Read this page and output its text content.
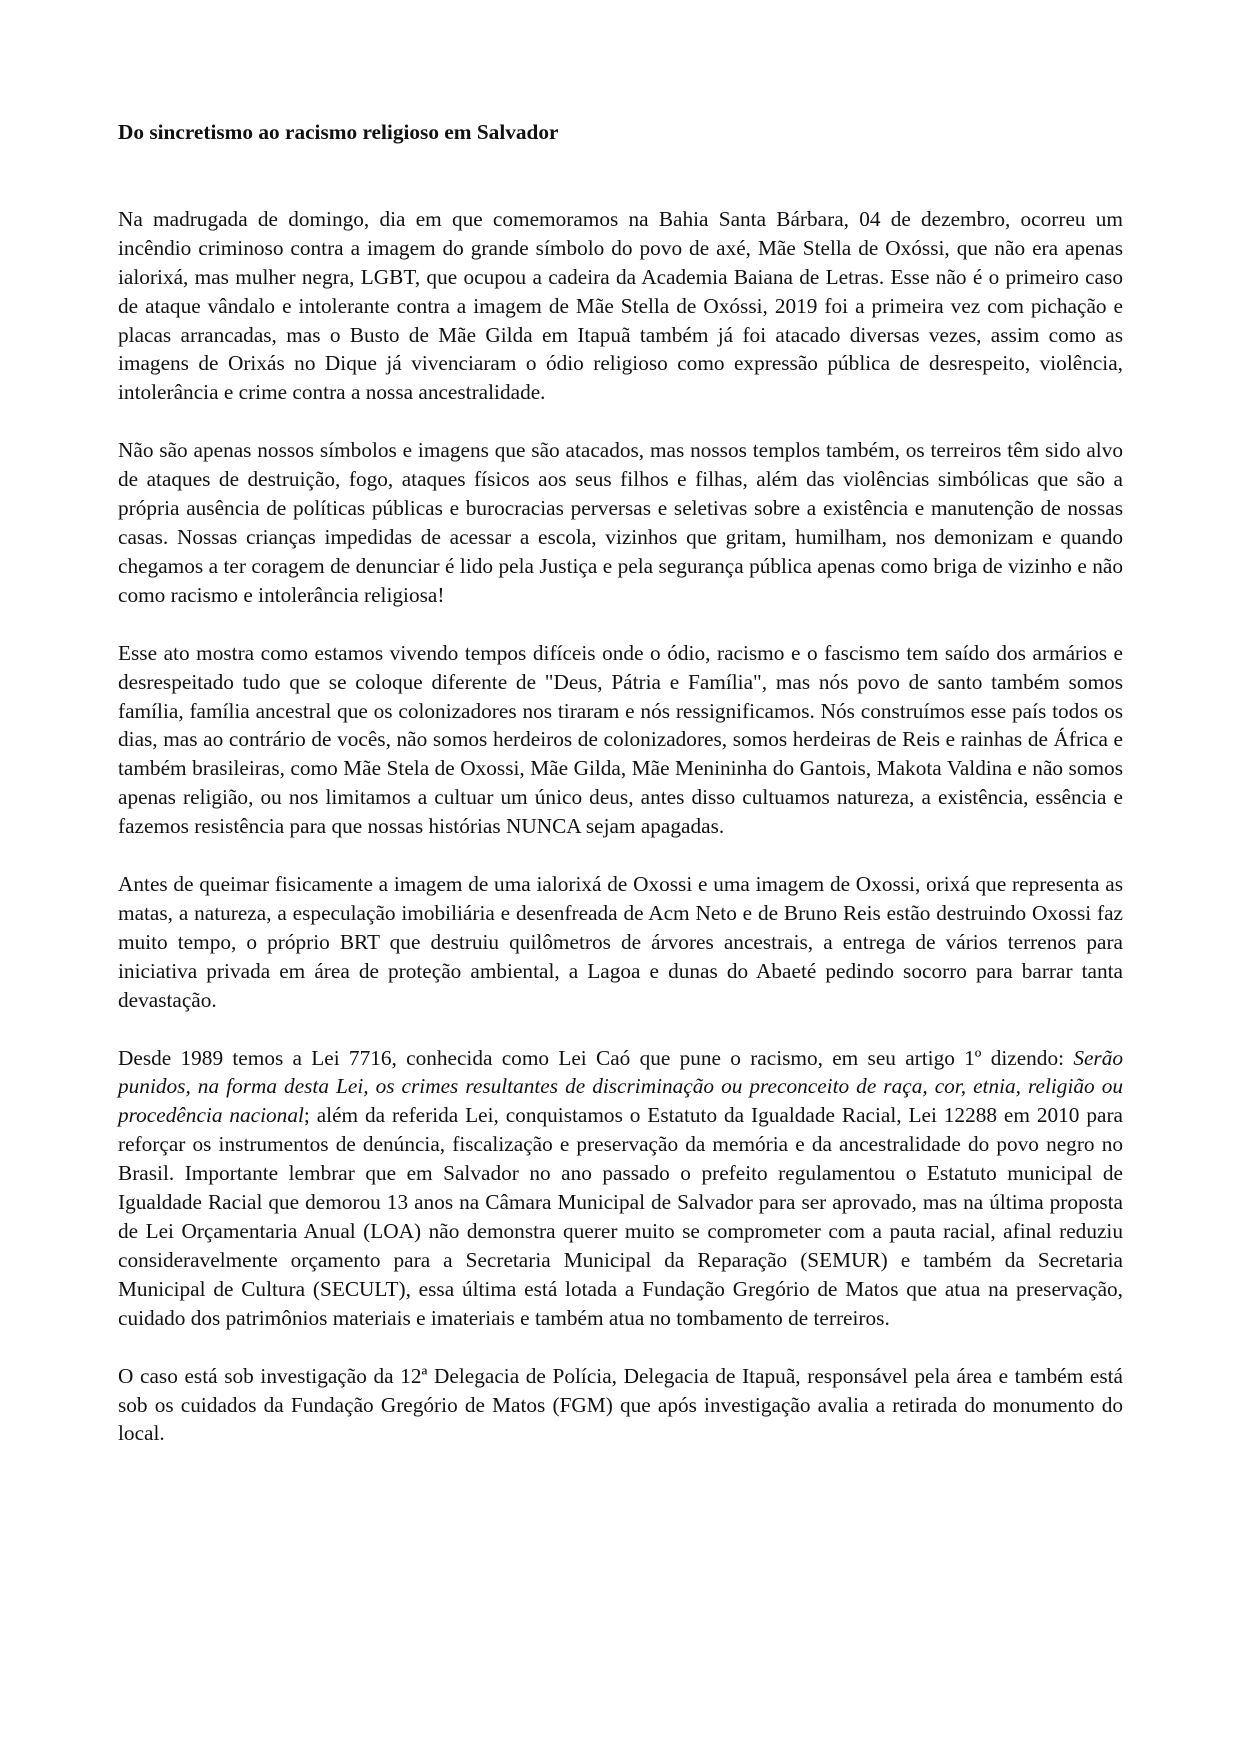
Do sincretismo ao racismo religioso em Salvador

Na madrugada de domingo, dia em que comemoramos na Bahia Santa Bárbara, 04 de dezembro, ocorreu um incêndio criminoso contra a imagem do grande símbolo do povo de axé, Mãe Stella de Oxóssi, que não era apenas ialorixá, mas mulher negra, LGBT, que ocupou a cadeira da Academia Baiana de Letras. Esse não é o primeiro caso de ataque vândalo e intolerante contra a imagem de Mãe Stella de Oxóssi, 2019 foi a primeira vez com pichação e placas arrancadas, mas o Busto de Mãe Gilda em Itapuã também já foi atacado diversas vezes, assim como as imagens de Orixás no Dique já vivenciaram o ódio religioso como expressão pública de desrespeito, violência, intolerância e crime contra a nossa ancestralidade.

Não são apenas nossos símbolos e imagens que são atacados, mas nossos templos também, os terreiros têm sido alvo de ataques de destruição, fogo, ataques físicos aos seus filhos e filhas, além das violências simbólicas que são a própria ausência de políticas públicas e burocracias perversas e seletivas sobre a existência e manutenção de nossas casas. Nossas crianças impedidas de acessar a escola, vizinhos que gritam, humilham, nos demonizam e quando chegamos a ter coragem de denunciar é lido pela Justiça e pela segurança pública apenas como briga de vizinho e não como racismo e intolerância religiosa!

Esse ato mostra como estamos vivendo tempos difíceis onde o ódio, racismo e o fascismo tem saído dos armários e desrespeitado tudo que se coloque diferente de "Deus, Pátria e Família", mas nós povo de santo também somos família, família ancestral que os colonizadores nos tiraram e nós ressignificamos. Nós construímos esse país todos os dias, mas ao contrário de vocês, não somos herdeiros de colonizadores, somos herdeiras de Reis e rainhas de África e também brasileiras, como Mãe Stela de Oxossi, Mãe Gilda, Mãe Menininha do Gantois, Makota Valdina e não somos apenas religião, ou nos limitamos a cultuar um único deus, antes disso cultuamos natureza, a existência, essência e fazemos resistência para que nossas histórias NUNCA sejam apagadas.

Antes de queimar fisicamente a imagem de uma ialorixá de Oxossi e uma imagem de Oxossi, orixá que representa as matas, a natureza, a especulação imobiliária e desenfreada de Acm Neto e de Bruno Reis estão destruindo Oxossi faz muito tempo, o próprio BRT que destruiu quilômetros de árvores ancestrais, a entrega de vários terrenos para iniciativa privada em área de proteção ambiental, a Lagoa e dunas do Abaeté pedindo socorro para barrar tanta devastação.

Desde 1989 temos a Lei 7716, conhecida como Lei Caó que pune o racismo, em seu artigo 1º dizendo: Serão punidos, na forma desta Lei, os crimes resultantes de discriminação ou preconceito de raça, cor, etnia, religião ou procedência nacional; além da referida Lei, conquistamos o Estatuto da Igualdade Racial, Lei 12288 em 2010 para reforçar os instrumentos de denúncia, fiscalização e preservação da memória e da ancestralidade do povo negro no Brasil. Importante lembrar que em Salvador no ano passado o prefeito regulamentou o Estatuto municipal de Igualdade Racial que demorou 13 anos na Câmara Municipal de Salvador para ser aprovado, mas na última proposta de Lei Orçamentaria Anual (LOA) não demonstra querer muito se comprometer com a pauta racial, afinal reduziu consideravelmente orçamento para a Secretaria Municipal da Reparação (SEMUR) e também da Secretaria Municipal de Cultura (SECULT), essa última está lotada a Fundação Gregório de Matos que atua na preservação, cuidado dos patrimônios materiais e imateriais e também atua no tombamento de terreiros.

O caso está sob investigação da 12ª Delegacia de Polícia, Delegacia de Itapuã, responsável pela área e também está sob os cuidados da Fundação Gregório de Matos (FGM) que após investigação avalia a retirada do monumento do local.
